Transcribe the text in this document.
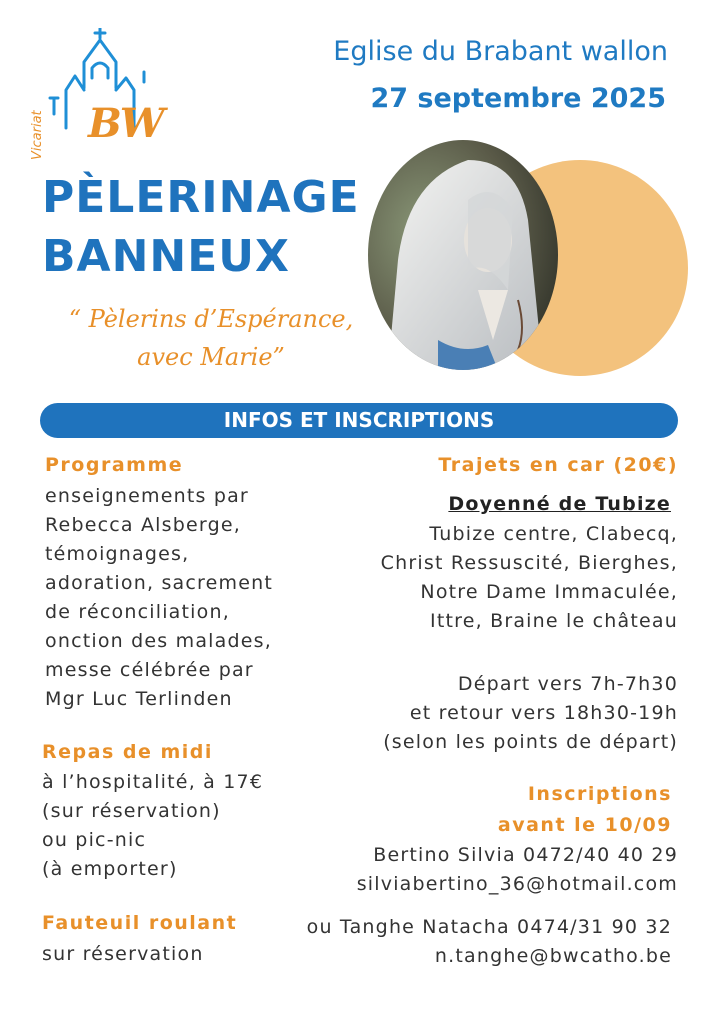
BW
Vicariat
Eglise du Brabant wallon
27 septembre 2025
PÈLERINAGE
BANNEUX
“ Pèlerins d’Espérance,
avec Marie”
INFOS ET INSCRIPTIONS
Programme
enseignements par
Rebecca Alsberge,
témoignages,
adoration, sacrement
de réconciliation,
onction des malades,
messe célébrée par
Mgr Luc Terlinden
Repas de midi
à l’hospitalité, à 17€
(sur réservation)
ou pic-nic
(à emporter)
Fauteuil roulant
sur réservation
Trajets en car (20€)
Doyenné de Tubize
Tubize centre, Clabecq,
Christ Ressuscité, Bierghes,
Notre Dame Immaculée,
Ittre, Braine le château
Départ vers 7h-7h30
et retour vers 18h30-19h
(selon les points de départ)
Inscriptions
avant le 10/09
Bertino Silvia 0472/40 40 29
silviabertino_36@hotmail.com
ou Tanghe Natacha 0474/31 90 32
n.tanghe@bwcatho.be
